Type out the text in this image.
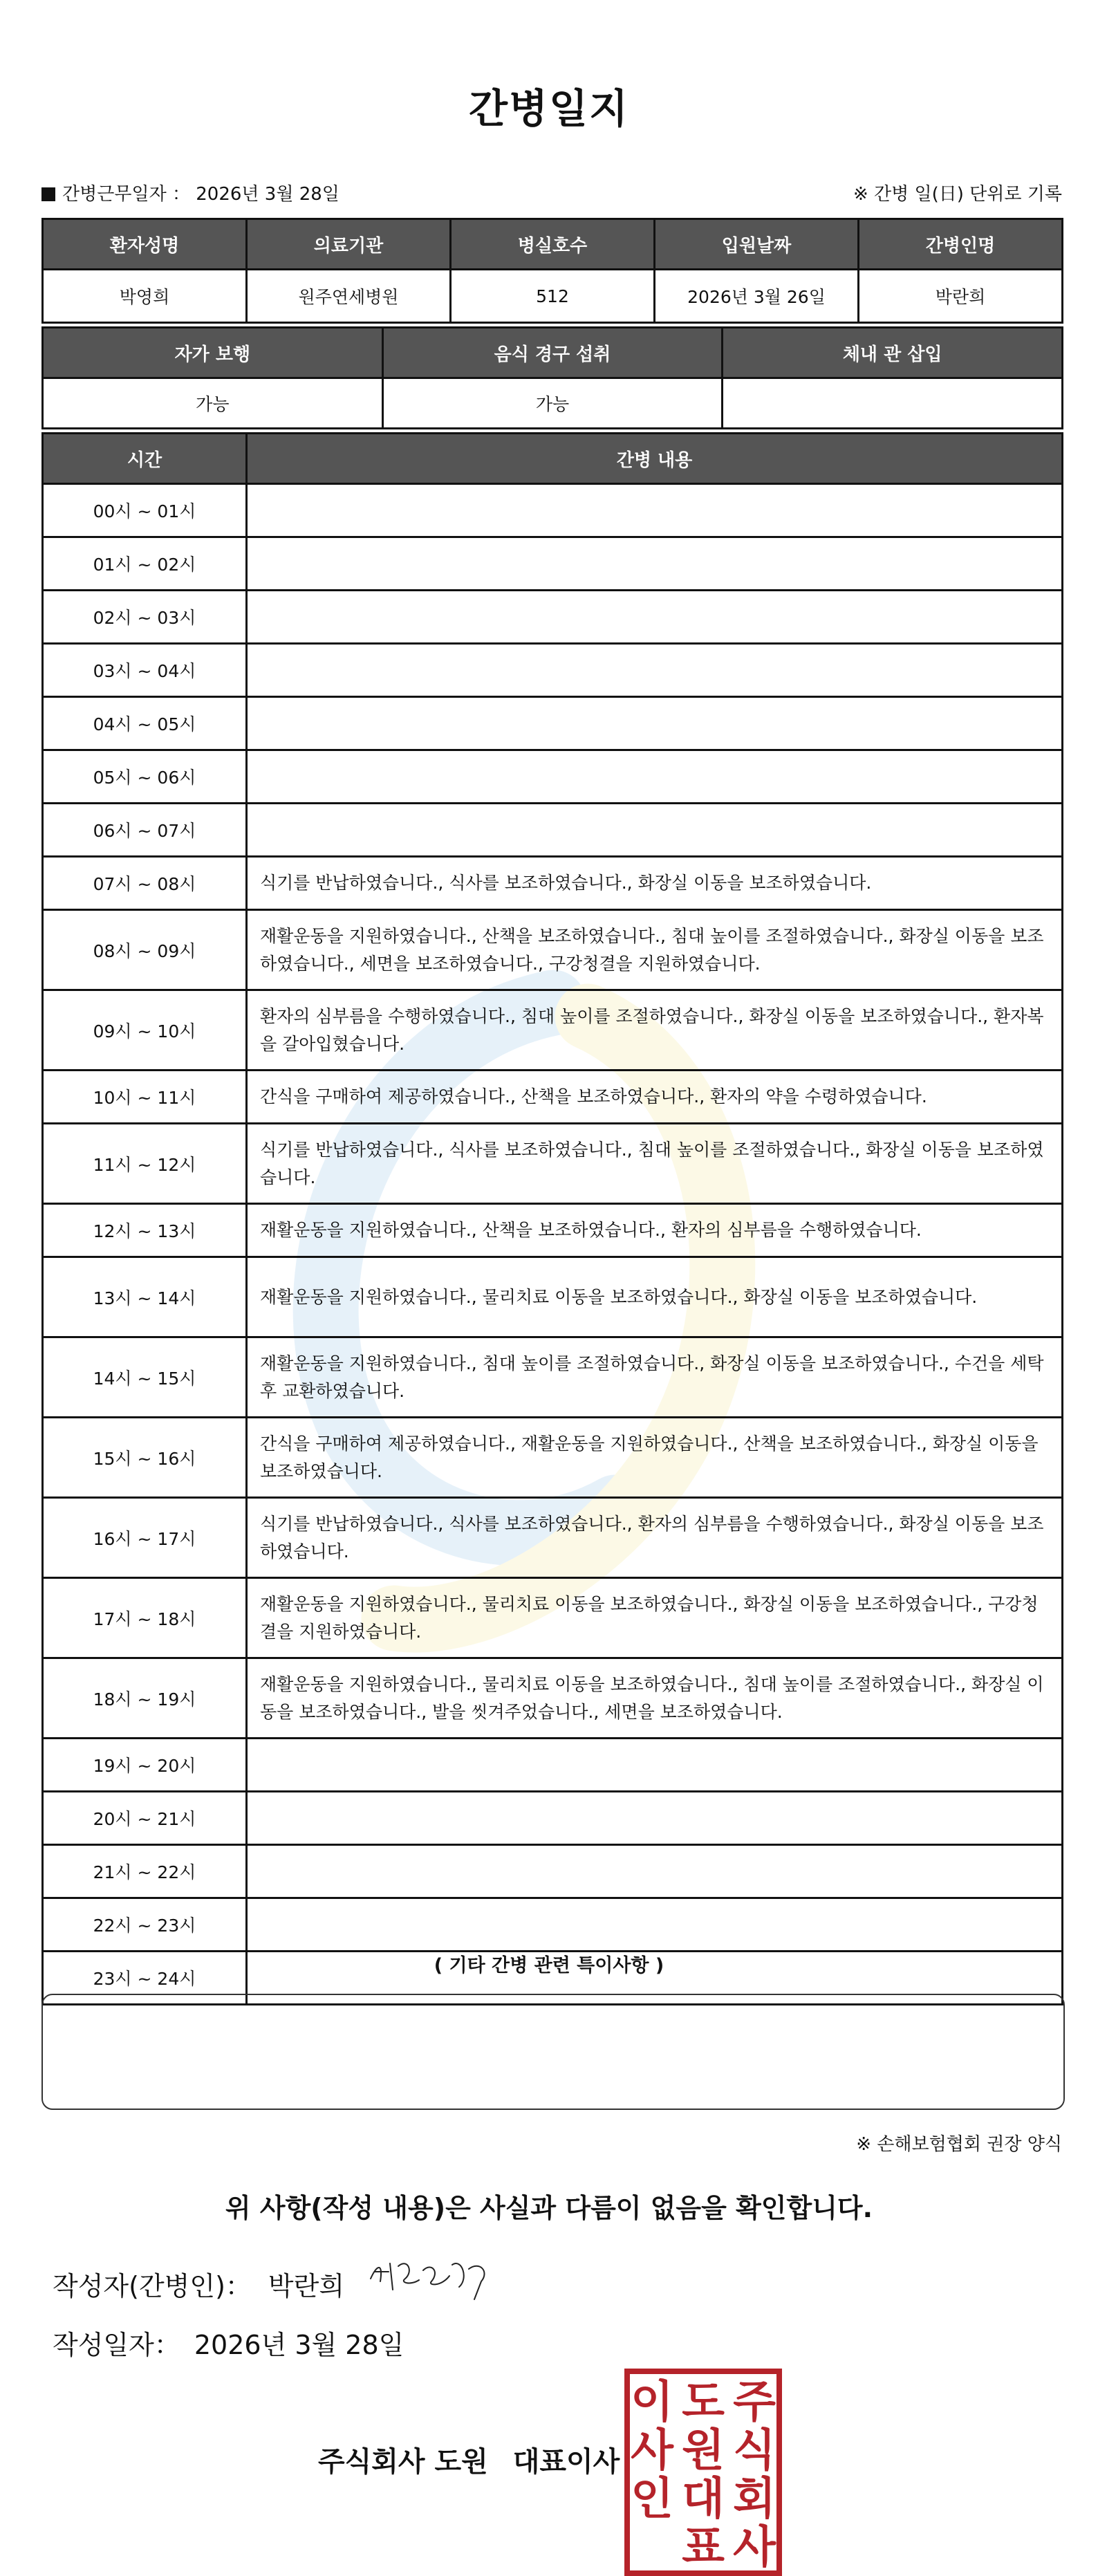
간병일지
간병근무일자 ： 2026년 3월 28일	※ 간병 일(日) 단위로 기록
환자성명	의료기관	병실호수	입원날짜	간병인명
박영희	원주연세병원	512	2026년 3월 26일	박란희
자가 보행	음식 경구 섭취	체내 관 삽입
가능	가능	
시간	간병 내용
00시 ~ 01시	
01시 ~ 02시	
02시 ~ 03시	
03시 ~ 04시	
04시 ~ 05시	
05시 ~ 06시	
06시 ~ 07시	
07시 ~ 08시	식기를 반납하였습니다., 식사를 보조하였습니다., 화장실 이동을 보조하였습니다.
08시 ~ 09시	재활운동을 지원하였습니다., 산책을 보조하였습니다., 침대 높이를 조절하였습니다., 화장실 이동을 보조하였습니다., 세면을 보조하였습니다., 구강청결을 지원하였습니다.
09시 ~ 10시	환자의 심부름을 수행하였습니다., 침대 높이를 조절하였습니다., 화장실 이동을 보조하였습니다., 환자복을 갈아입혔습니다.
10시 ~ 11시	간식을 구매하여 제공하였습니다., 산책을 보조하였습니다., 환자의 약을 수령하였습니다.
11시 ~ 12시	식기를 반납하였습니다., 식사를 보조하였습니다., 침대 높이를 조절하였습니다., 화장실 이동을 보조하였습니다.
12시 ~ 13시	재활운동을 지원하였습니다., 산책을 보조하였습니다., 환자의 심부름을 수행하였습니다.
13시 ~ 14시	재활운동을 지원하였습니다., 물리치료 이동을 보조하였습니다., 화장실 이동을 보조하였습니다.
14시 ~ 15시	재활운동을 지원하였습니다., 침대 높이를 조절하였습니다., 화장실 이동을 보조하였습니다., 수건을 세탁 후 교환하였습니다.
15시 ~ 16시	간식을 구매하여 제공하였습니다., 재활운동을 지원하였습니다., 산책을 보조하였습니다., 화장실 이동을 보조하였습니다.
16시 ~ 17시	식기를 반납하였습니다., 식사를 보조하였습니다., 환자의 심부름을 수행하였습니다., 화장실 이동을 보조하였습니다.
17시 ~ 18시	재활운동을 지원하였습니다., 물리치료 이동을 보조하였습니다., 화장실 이동을 보조하였습니다., 구강청결을 지원하였습니다.
18시 ~ 19시	재활운동을 지원하였습니다., 물리치료 이동을 보조하였습니다., 침대 높이를 조절하였습니다., 화장실 이동을 보조하였습니다., 발을 씻겨주었습니다., 세면을 보조하였습니다.
19시 ~ 20시	
20시 ~ 21시	
21시 ~ 22시	
22시 ~ 23시	
23시 ~ 24시	
( 기타 간병 관련 특이사항 )
※ 손해보험협회 권장 양식
위 사항(작성 내용)은 사실과 다름이 없음을 확인합니다.
작성자(간병인)： 박란희
작성일자： 2026년 3월 28일
주식회사 도원 대표이사
주
식
회
사
도
원
대
표
이
사
인
